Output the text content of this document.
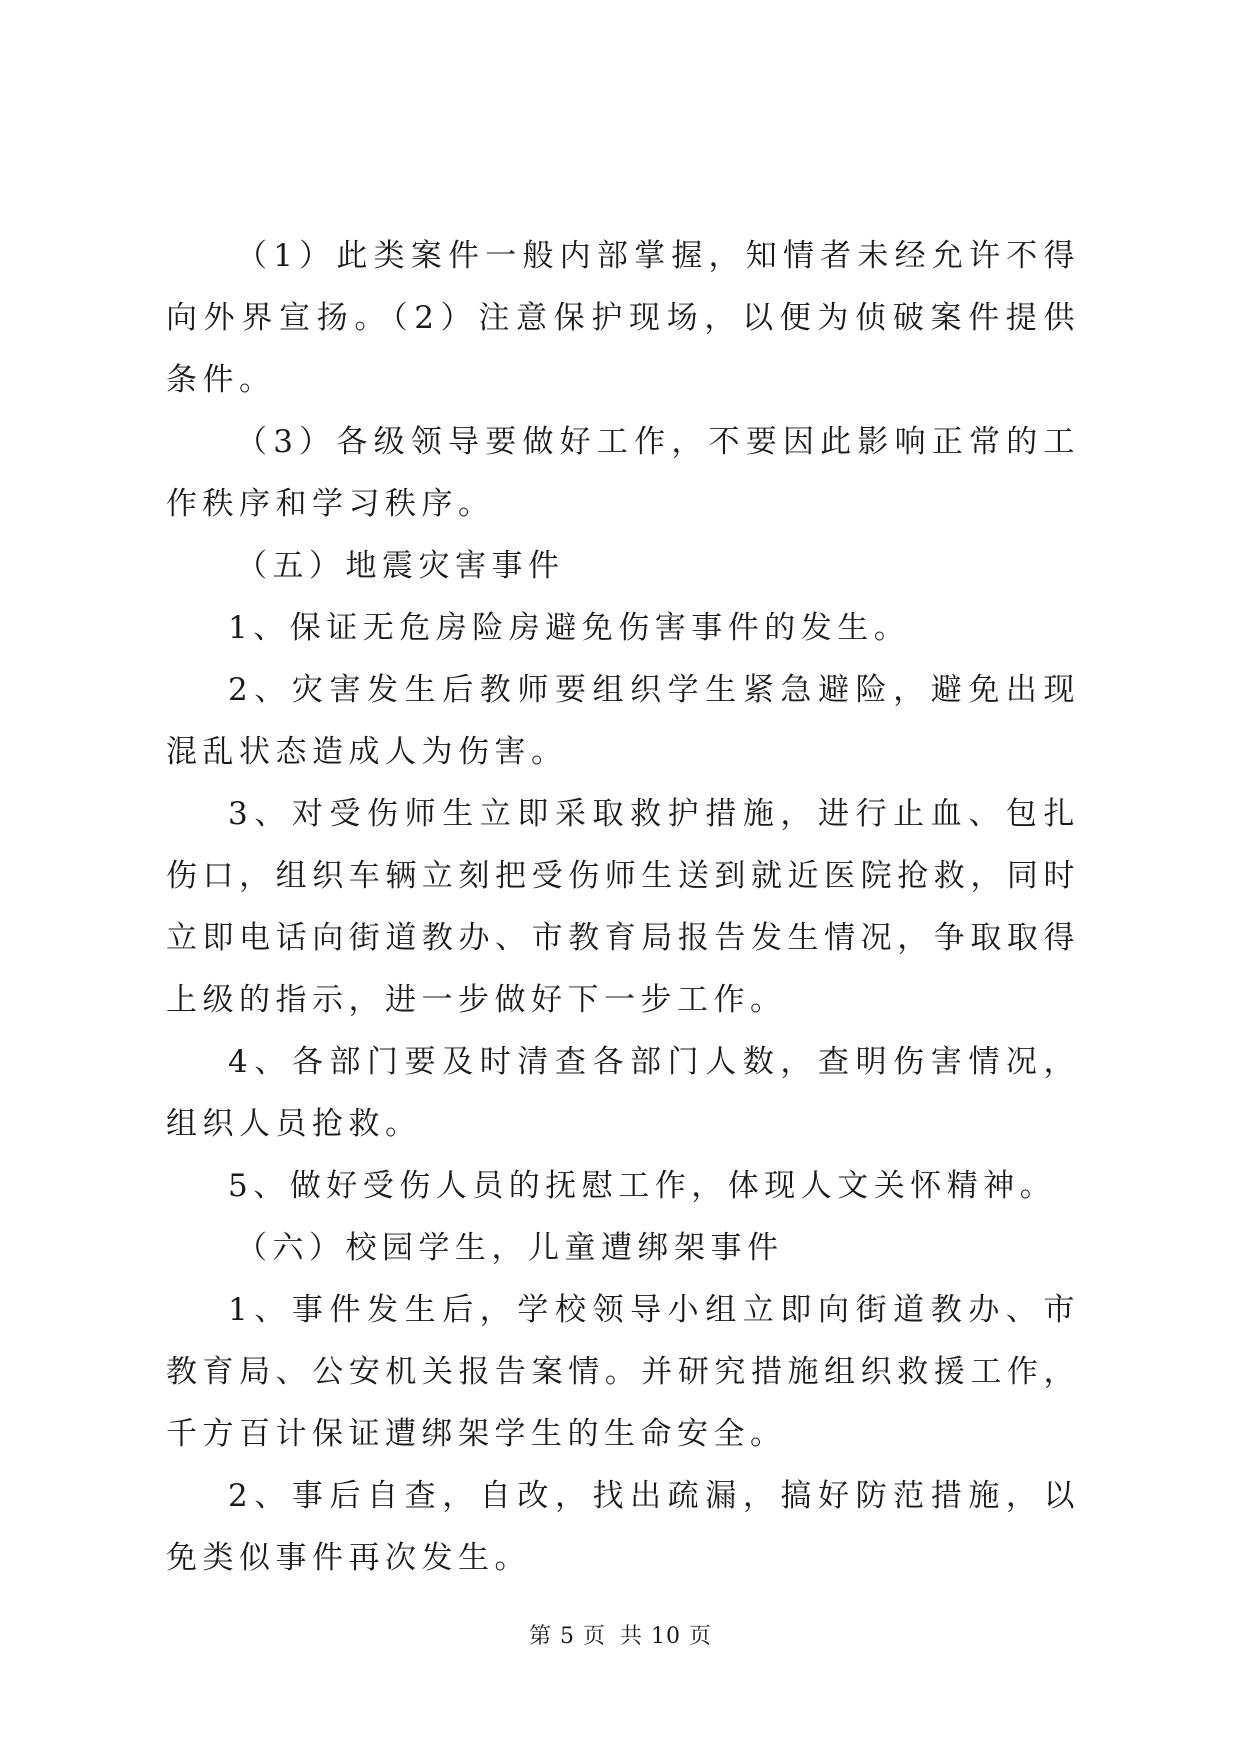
（1）此类案件一般内部掌握，知情者未经允许不得向外界宣扬。（2）注意保护现场，以便为侦破案件提供条件。

（3）各级领导要做好工作，不要因此影响正常的工作秩序和学习秩序。

（五）地震灾害事件

1、保证无危房险房避免伤害事件的发生。

2、灾害发生后教师要组织学生紧急避险，避免出现混乱状态造成人为伤害。

3、对受伤师生立即采取救护措施，进行止血、包扎伤口，组织车辆立刻把受伤师生送到就近医院抢救，同时立即电话向街道教办、市教育局报告发生情况，争取取得上级的指示，进一步做好下一步工作。

4、各部门要及时清查各部门人数，查明伤害情况，组织人员抢救。

5、做好受伤人员的抚慰工作，体现人文关怀精神。

（六）校园学生，儿童遭绑架事件

1、事件发生后，学校领导小组立即向街道教办、市教育局、公安机关报告案情。并研究措施组织救援工作，千方百计保证遭绑架学生的生命安全。

2、事后自查，自改，找出疏漏，搞好防范措施，以免类似事件再次发生。

第 5 页 共 10 页
